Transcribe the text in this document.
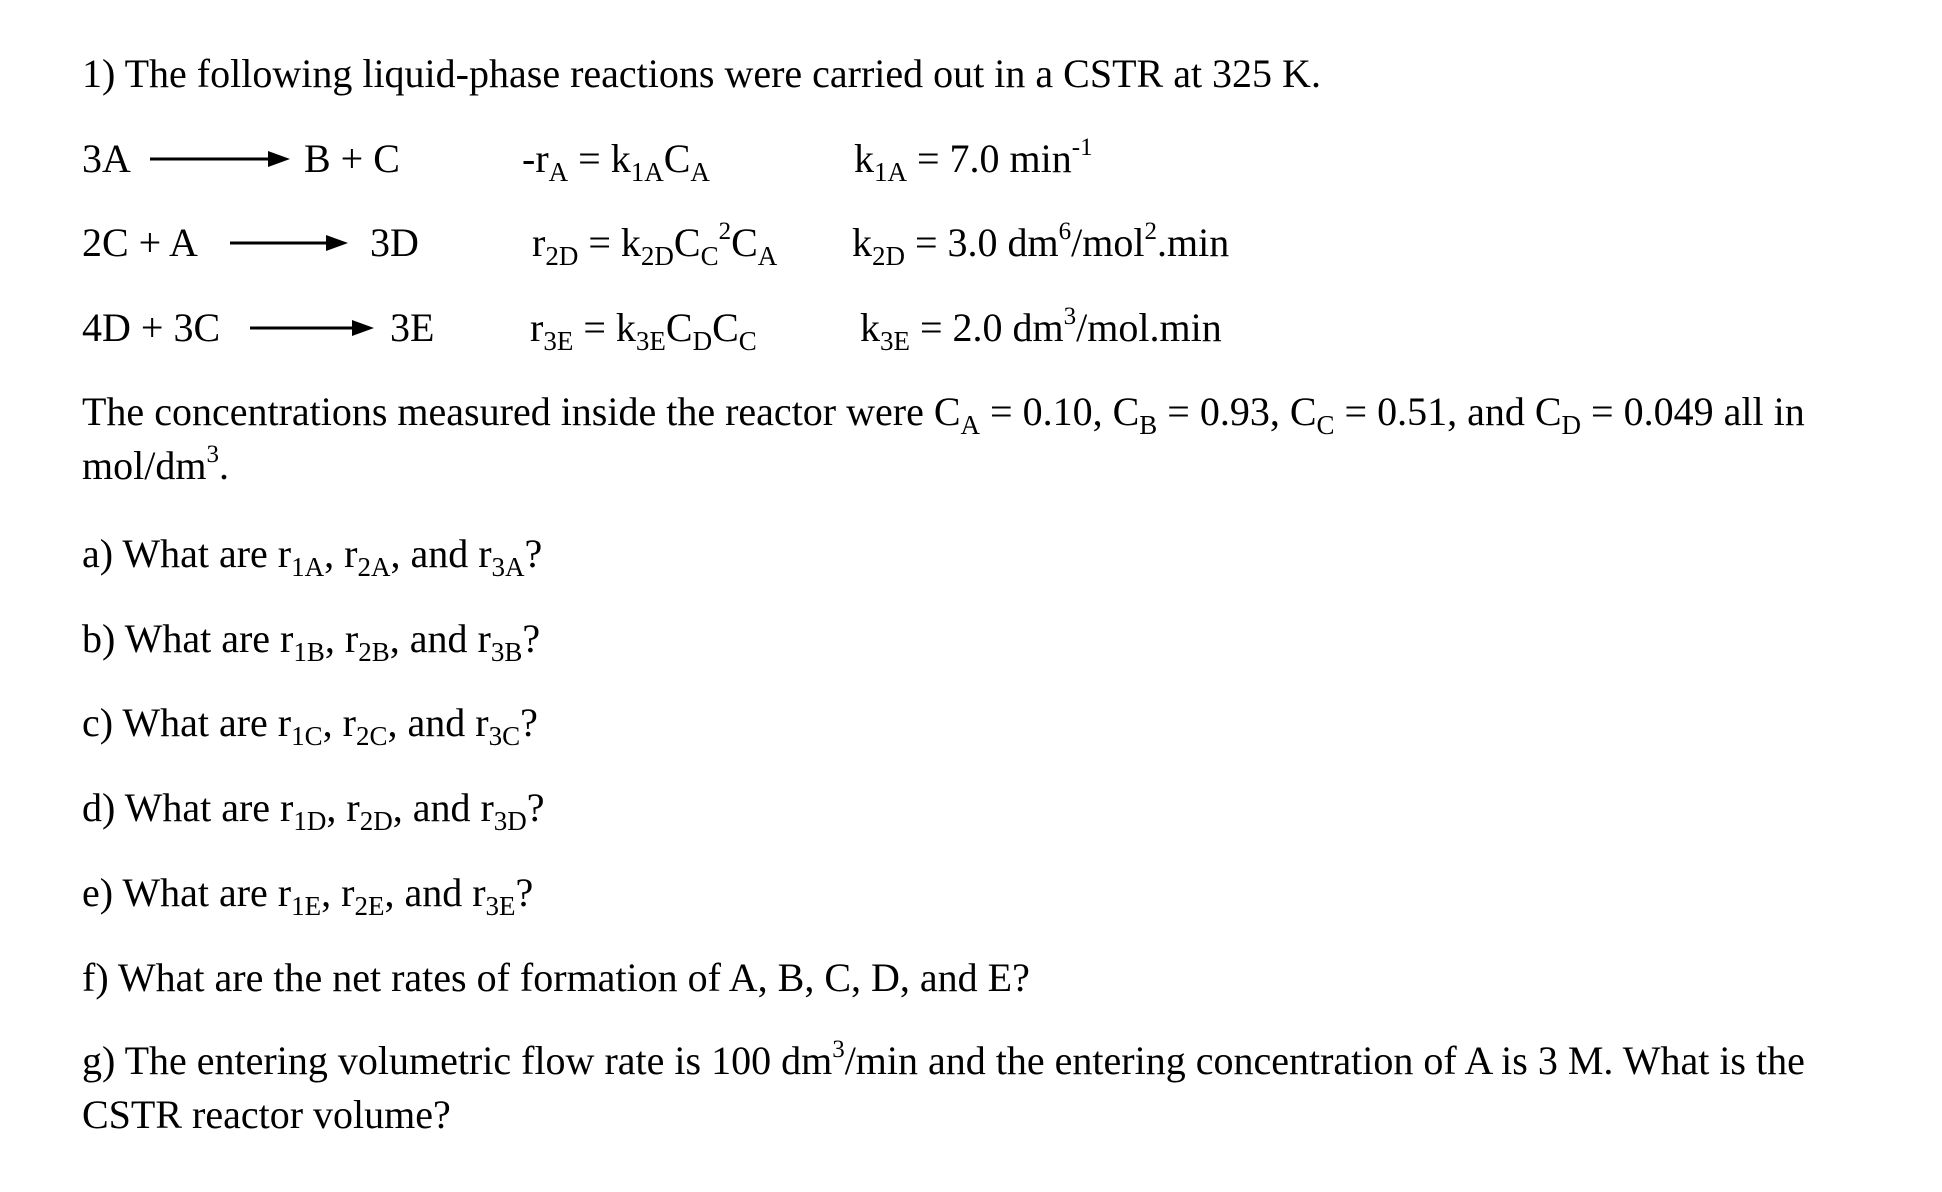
1) The following liquid-phase reactions were carried out in a CSTR at 325 K.
3A → B + C	$-r_A = k_{1A}C_A$	$k_{1A} = 7.0$ $\min^{-1}$
2C + A → 3D	$r_{2D} = k_{2D}C_C^2C_A$ $k_{2D} = 3.0$ $dm^6/mol^2.\min$
4D + 3C → 3E $r_{3E} = k_{3E}C_DC_C$	$k_{3E} = 2.0$ $dm^3/mol.\min$
The concentrations measured inside the reactor were $C_A = 0.10$, $C_B = 0.93$, $C_C = 0.51$, and $C_D = 0.049$ all in mol/$dm^3$.
a) What are $r_{1A}$, $r_{2A}$, and $r_{3A}$?
b) What are $r_{1B}$, $r_{2B}$, and $r_{3B}$?
c) What are $r_{1C}$, $r_{2C}$, and $r_{3C}$?
d) What are $r_{1D}$, $r_{2D}$, and $r_{3D}$?
e) What are $r_{1E}$, $r_{2E}$, and $r_{3E}$?
f) What are the net rates of formation of A, B, C, D, and E?
g) The entering volumetric flow rate is 100 $dm^3/\min$ and the entering concentration of A is 3 M. What is the CSTR reactor volume?
